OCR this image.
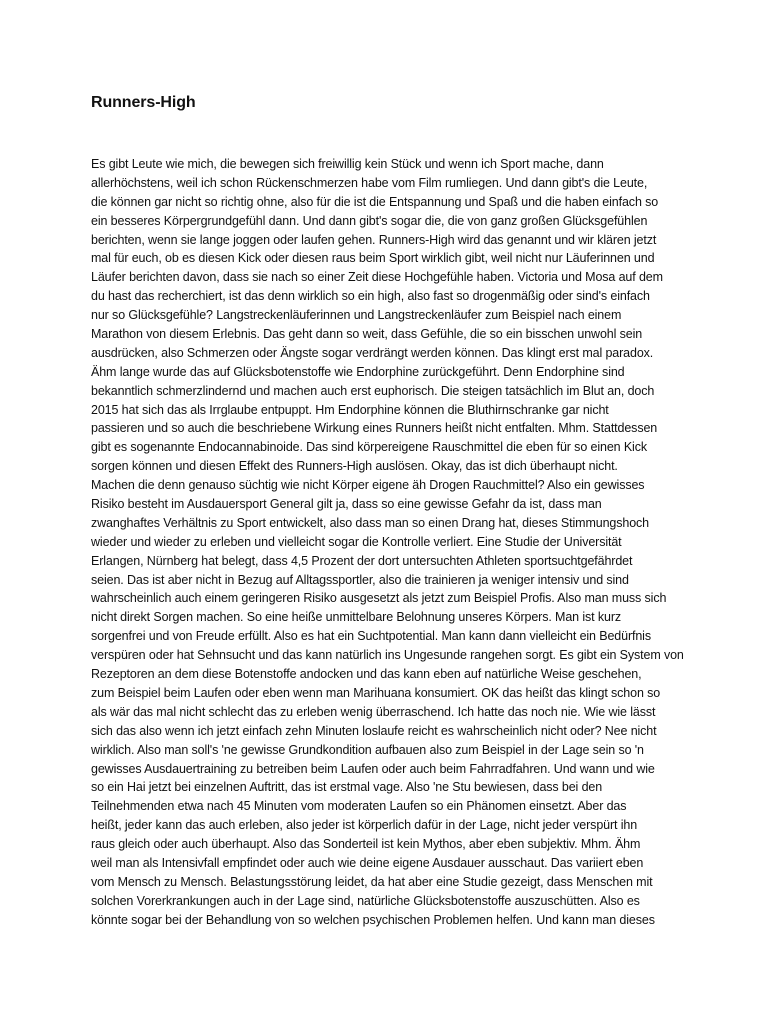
Runners-High
Es gibt Leute wie mich, die bewegen sich freiwillig kein Stück und wenn ich Sport mache, dann
allerhöchstens, weil ich schon Rückenschmerzen habe vom Film rumliegen. Und dann gibt's die Leute,
die können gar nicht so richtig ohne, also für die ist die Entspannung und Spaß und die haben einfach so
ein besseres Körpergrundgefühl dann. Und dann gibt's sogar die, die von ganz großen Glücksgefühlen
berichten, wenn sie lange joggen oder laufen gehen. Runners-High wird das genannt und wir klären jetzt
mal für euch, ob es diesen Kick oder diesen raus beim Sport wirklich gibt, weil nicht nur Läuferinnen und
Läufer berichten davon, dass sie nach so einer Zeit diese Hochgefühle haben. Victoria und Mosa auf dem
du hast das recherchiert, ist das denn wirklich so ein high, also fast so drogenmäßig oder sind's einfach
nur so Glücksgefühle? Langstreckenläuferinnen und Langstreckenläufer zum Beispiel nach einem
Marathon von diesem Erlebnis. Das geht dann so weit, dass Gefühle, die so ein bisschen unwohl sein
ausdrücken, also Schmerzen oder Ängste sogar verdrängt werden können. Das klingt erst mal paradox.
Ähm lange wurde das auf Glücksbotenstoffe wie Endorphine zurückgeführt. Denn Endorphine sind
bekanntlich schmerzlindernd und machen auch erst euphorisch. Die steigen tatsächlich im Blut an, doch
2015 hat sich das als Irrglaube entpuppt. Hm Endorphine können die Bluthirnschranke gar nicht
passieren und so auch die beschriebene Wirkung eines Runners heißt nicht entfalten. Mhm. Stattdessen
gibt es sogenannte Endocannabinoide. Das sind körpereigene Rauschmittel die eben für so einen Kick
sorgen können und diesen Effekt des Runners-High auslösen. Okay, das ist dich überhaupt nicht.
Machen die denn genauso süchtig wie nicht Körper eigene äh Drogen Rauchmittel? Also ein gewisses
Risiko besteht im Ausdauersport General gilt ja, dass so eine gewisse Gefahr da ist, dass man
zwanghaftes Verhältnis zu Sport entwickelt, also dass man so einen Drang hat, dieses Stimmungshoch
wieder und wieder zu erleben und vielleicht sogar die Kontrolle verliert. Eine Studie der Universität
Erlangen, Nürnberg hat belegt, dass 4,5 Prozent der dort untersuchten Athleten sportsuchtgefährdet
seien. Das ist aber nicht in Bezug auf Alltagssportler, also die trainieren ja weniger intensiv und sind
wahrscheinlich auch einem geringeren Risiko ausgesetzt als jetzt zum Beispiel Profis. Also man muss sich
nicht direkt Sorgen machen. So eine heiße unmittelbare Belohnung unseres Körpers. Man ist kurz
sorgenfrei und von Freude erfüllt. Also es hat ein Suchtpotential. Man kann dann vielleicht ein Bedürfnis
verspüren oder hat Sehnsucht und das kann natürlich ins Ungesunde rangehen sorgt. Es gibt ein System von
Rezeptoren an dem diese Botenstoffe andocken und das kann eben auf natürliche Weise geschehen,
zum Beispiel beim Laufen oder eben wenn man Marihuana konsumiert. OK das heißt das klingt schon so
als wär das mal nicht schlecht das zu erleben wenig überraschend. Ich hatte das noch nie. Wie wie lässt
sich das also wenn ich jetzt einfach zehn Minuten loslaufe reicht es wahrscheinlich nicht oder? Nee nicht
wirklich. Also man soll's 'ne gewisse Grundkondition aufbauen also zum Beispiel in der Lage sein so 'n
gewisses Ausdauertraining zu betreiben beim Laufen oder auch beim Fahrradfahren. Und wann und wie
so ein Hai jetzt bei einzelnen Auftritt, das ist erstmal vage. Also 'ne Stu bewiesen, dass bei den
Teilnehmenden etwa nach 45 Minuten vom moderaten Laufen so ein Phänomen einsetzt. Aber das
heißt, jeder kann das auch erleben, also jeder ist körperlich dafür in der Lage, nicht jeder verspürt ihn
raus gleich oder auch überhaupt. Also das Sonderteil ist kein Mythos, aber eben subjektiv. Mhm. Ähm
weil man als Intensivfall empfindet oder auch wie deine eigene Ausdauer ausschaut. Das variiert eben
vom Mensch zu Mensch. Belastungsstörung leidet, da hat aber eine Studie gezeigt, dass Menschen mit
solchen Vorerkrankungen auch in der Lage sind, natürliche Glücksbotenstoffe auszuschütten. Also es
könnte sogar bei der Behandlung von so welchen psychischen Problemen helfen. Und kann man dieses
